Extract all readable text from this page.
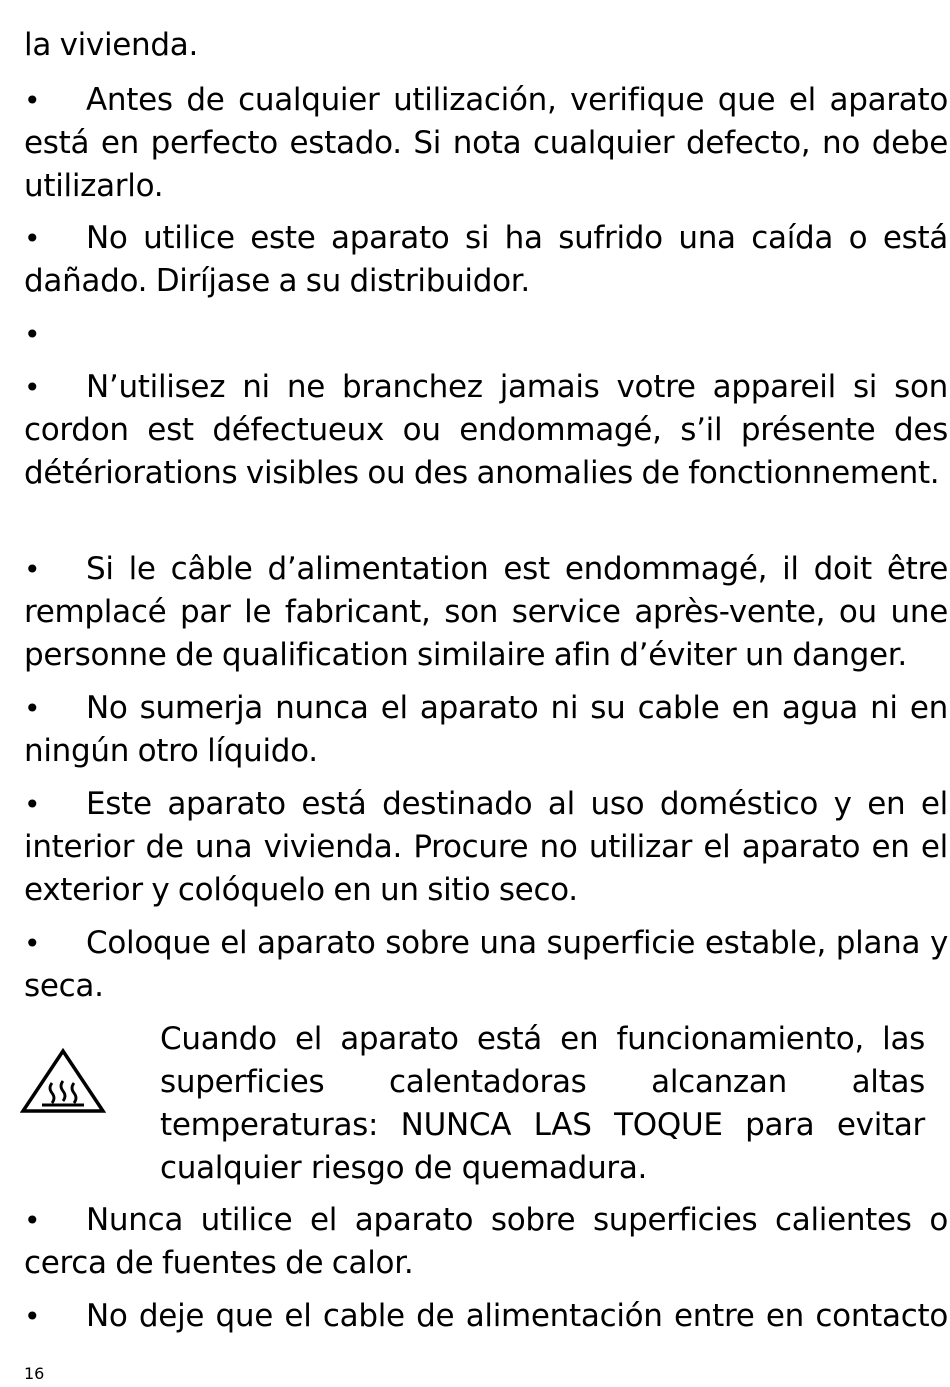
la vivienda.
• Antes de cualquier utilización, verifique que el aparato está en perfecto estado. Si nota cualquier defecto, no debe utilizarlo.
• No utilice este aparato si ha sufrido una caída o está dañado. Diríjase a su distribuidor.
•
• N’utilisez ni ne branchez jamais votre appareil si son cordon est défectueux ou endommagé, s’il présente des détériorations visibles ou des anomalies de fonctionnement.
• Si le câble d’alimentation est endommagé, il doit être remplacé par le fabricant, son service après-vente, ou une personne de qualification similaire afin d’éviter un danger.
• No sumerja nunca el aparato ni su cable en agua ni en ningún otro líquido.
• Este aparato está destinado al uso doméstico y en el interior de una vivienda. Procure no utilizar el aparato en el exterior y colóquelo en un sitio seco.
• Coloque el aparato sobre una superficie estable, plana y seca.
Cuando el aparato está en funcionamiento, las superficies calentadoras alcanzan altas temperaturas: NUNCA LAS TOQUE para evitar cualquier riesgo de quemadura.
• Nunca utilice el aparato sobre superficies calientes o cerca de fuentes de calor.
• No deje que el cable de alimentación entre en contacto
16
